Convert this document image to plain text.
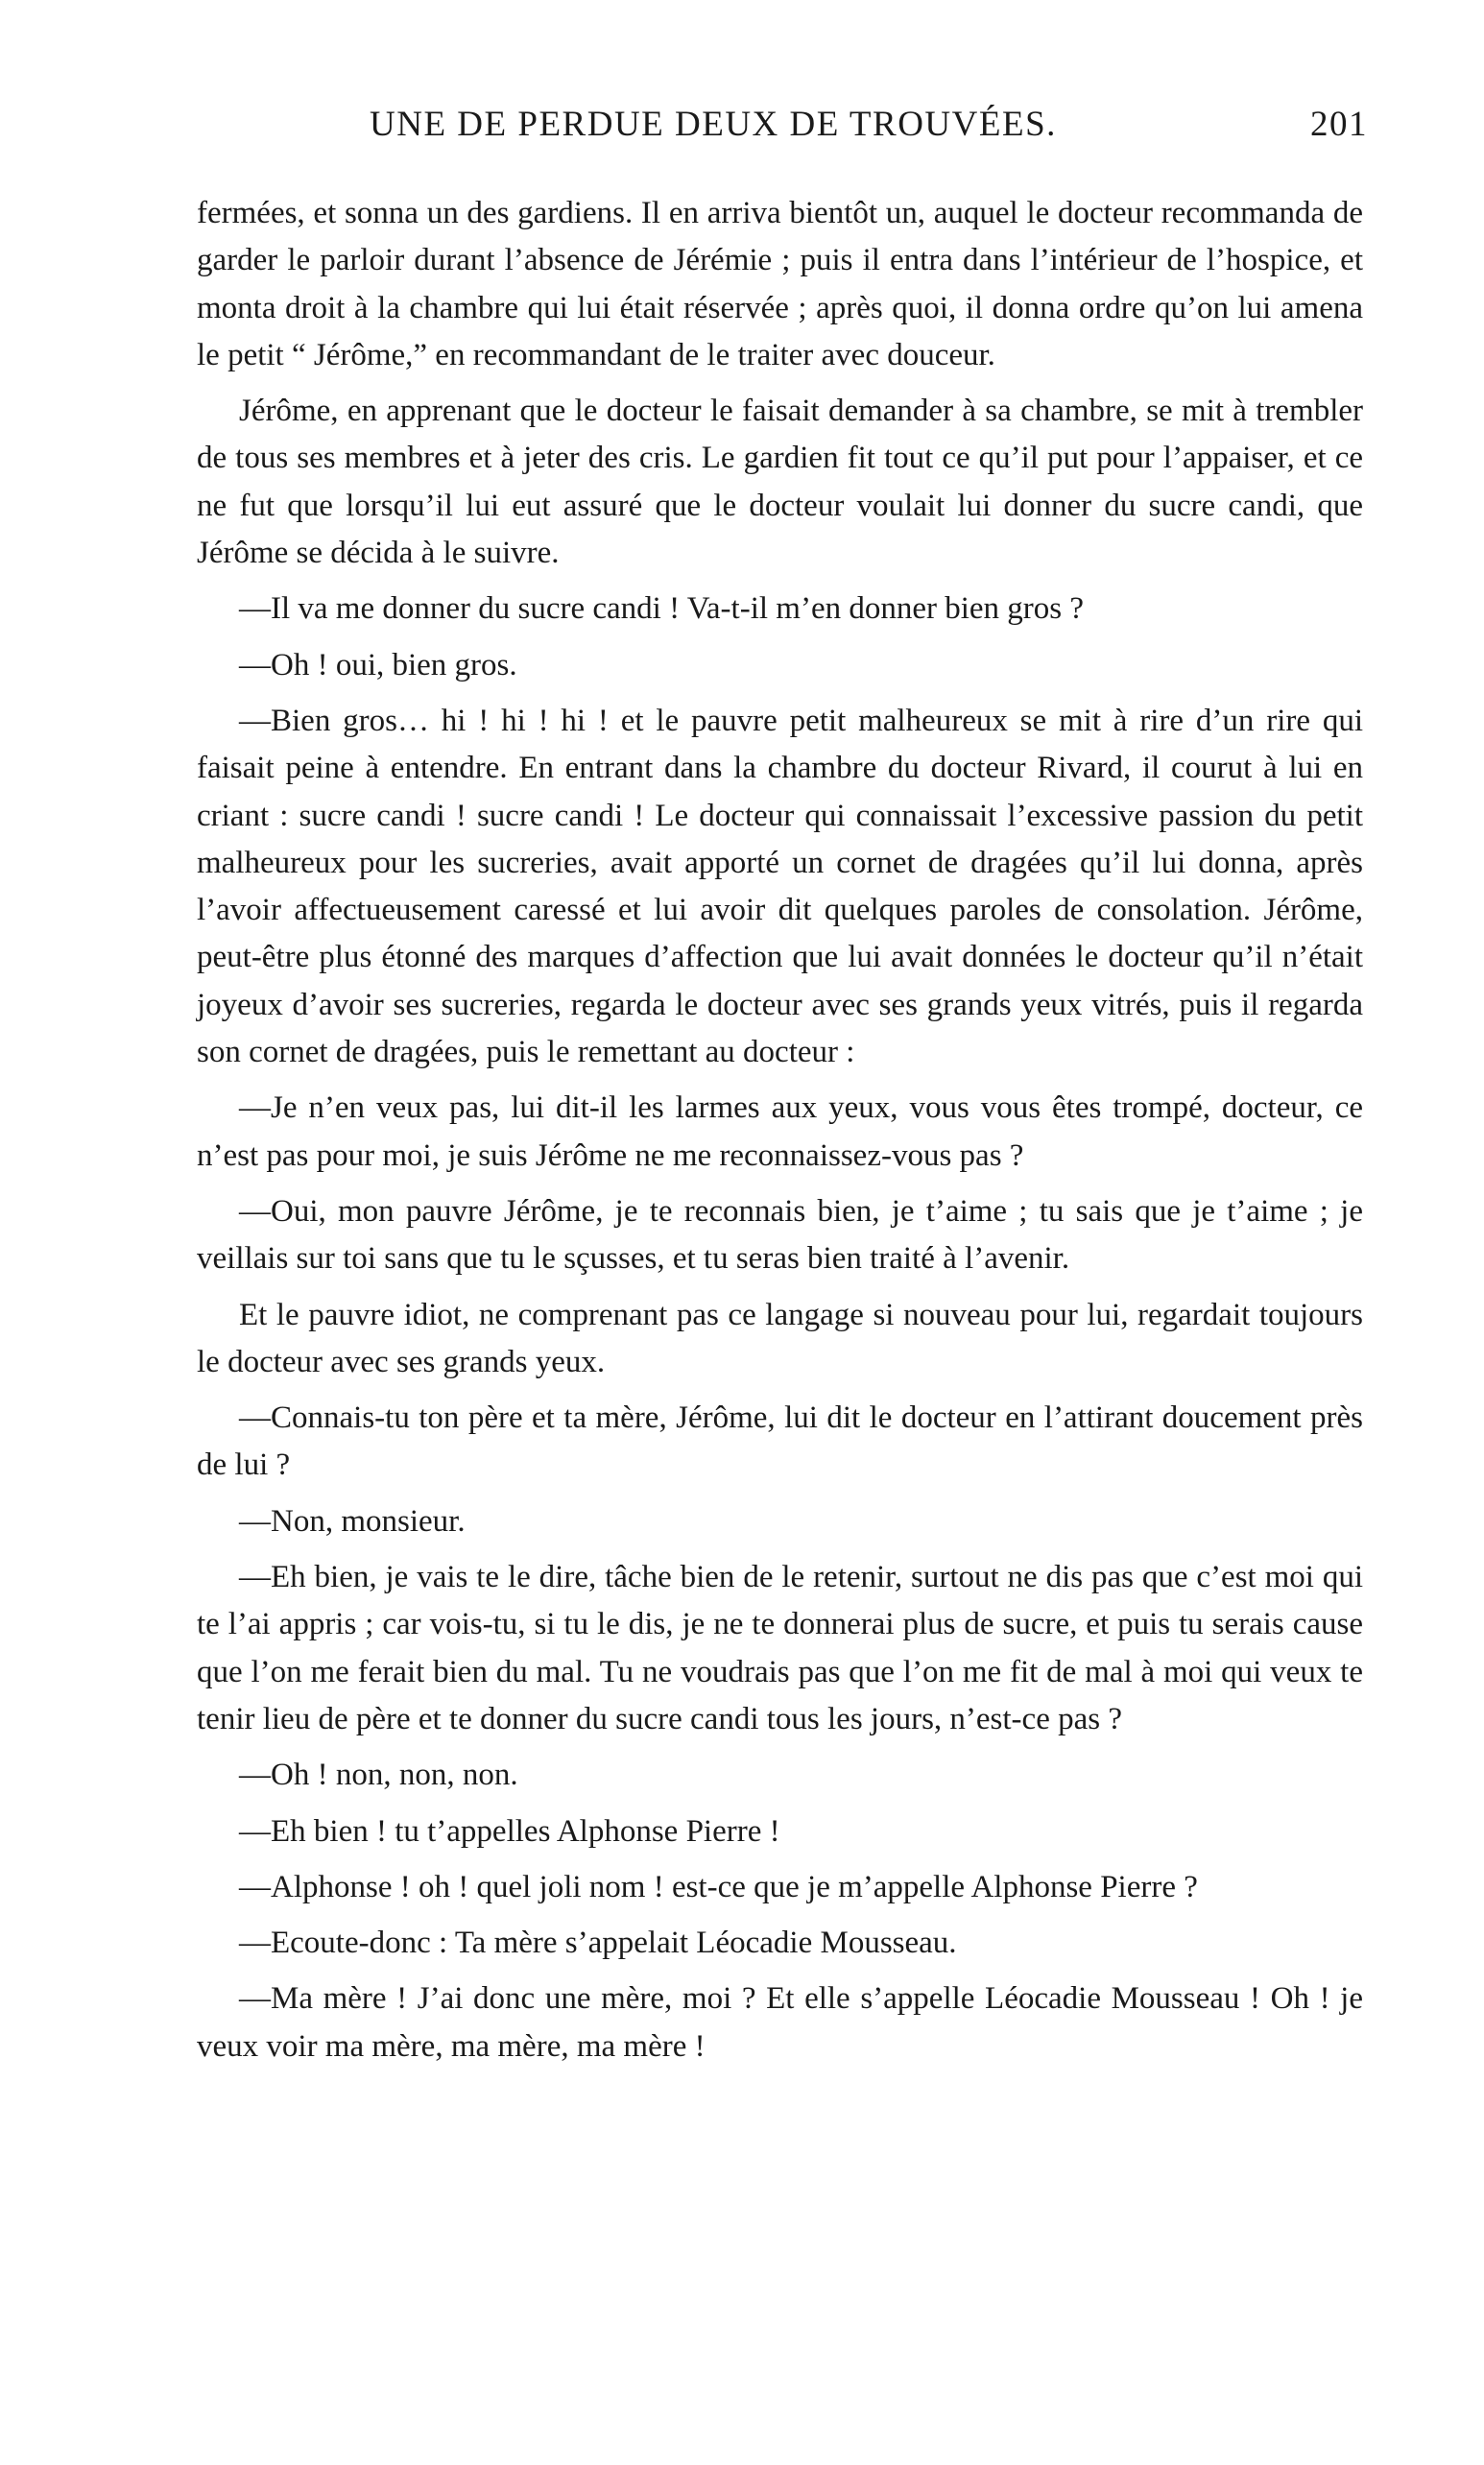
UNE DE PERDUE DEUX DE TROUVÉES.	201

fermées, et sonna un des gardiens. Il en arriva bientôt un, auquel le docteur recommanda de garder le parloir durant l’absence de Jérémie ; puis il entra dans l’intérieur de l’hospice, et monta droit à la chambre qui lui était réservée ; après quoi, il donna ordre qu’on lui amena le petit “ Jérôme,” en recommandant de le traiter avec douceur.

Jérôme, en apprenant que le docteur le faisait demander à sa chambre, se mit à trembler de tous ses membres et à jeter des cris. Le gardien fit tout ce qu’il put pour l’appaiser, et ce ne fut que lorsqu’il lui eut assuré que le docteur voulait lui donner du sucre candi, que Jérôme se décida à le suivre.

—Il va me donner du sucre candi ! Va-t-il m’en donner bien gros ?

—Oh ! oui, bien gros.

—Bien gros… hi ! hi ! hi ! et le pauvre petit malheureux se mit à rire d’un rire qui faisait peine à entendre. En entrant dans la chambre du docteur Rivard, il courut à lui en criant : sucre candi ! sucre candi ! Le docteur qui connaissait l’excessive passion du petit malheureux pour les sucreries, avait apporté un cornet de dragées qu’il lui donna, après l’avoir affectueusement caressé et lui avoir dit quelques paroles de consolation. Jérôme, peut-être plus étonné des marques d’affection que lui avait données le docteur qu’il n’était joyeux d’avoir ses sucreries, regarda le docteur avec ses grands yeux vitrés, puis il regarda son cornet de dragées, puis le remettant au docteur :

—Je n’en veux pas, lui dit-il les larmes aux yeux, vous vous êtes trompé, docteur, ce n’est pas pour moi, je suis Jérôme ne me reconnaissez-vous pas ?

—Oui, mon pauvre Jérôme, je te reconnais bien, je t’aime ; tu sais que je t’aime ; je veillais sur toi sans que tu le sçusses, et tu seras bien traité à l’avenir.

Et le pauvre idiot, ne comprenant pas ce langage si nouveau pour lui, regardait toujours le docteur avec ses grands yeux.

—Connais-tu ton père et ta mère, Jérôme, lui dit le docteur en l’attirant doucement près de lui ?

—Non, monsieur.

—Eh bien, je vais te le dire, tâche bien de le retenir, surtout ne dis pas que c’est moi qui te l’ai appris ; car vois-tu, si tu le dis, je ne te donnerai plus de sucre, et puis tu serais cause que l’on me ferait bien du mal. Tu ne voudrais pas que l’on me fit de mal à moi qui veux te tenir lieu de père et te donner du sucre candi tous les jours, n’est-ce pas ?

—Oh ! non, non, non.

—Eh bien ! tu t’appelles Alphonse Pierre !

—Alphonse ! oh ! quel joli nom ! est-ce que je m’appelle Alphonse Pierre ?

—Ecoute-donc : Ta mère s’appelait Léocadie Mousseau.

—Ma mère ! J’ai donc une mère, moi ? Et elle s’appelle Léocadie Mousseau ! Oh ! je veux voir ma mère, ma mère, ma mère !
